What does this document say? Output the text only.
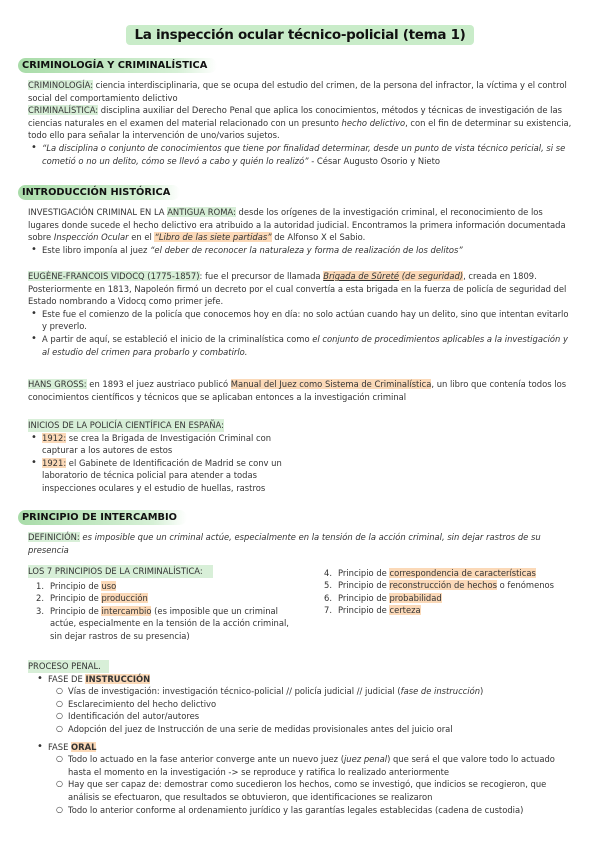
La inspección ocular técnico-policial (tema 1)
CRIMINOLOGÍA Y CRIMINALÍSTICA
CRIMINOLOGÍA: ciencia interdisciplinaria, que se ocupa del estudio del crimen, de la persona del infractor, la víctima y el control social del comportamiento delictivo
CRIMINALÍSTICA: disciplina auxiliar del Derecho Penal que aplica los conocimientos, métodos y técnicas de investigación de las ciencias naturales en el examen del material relacionado con un presunto hecho delictivo, con el fin de determinar su existencia, todo ello para señalar la intervención de uno/varios sujetos.
• “La disciplina o conjunto de conocimientos que tiene por finalidad determinar, desde un punto de vista técnico pericial, si se cometió o no un delito, cómo se llevó a cabo y quién lo realizó” - César Augusto Osorio y Nieto
INTRODUCCIÓN HISTÓRICA
INVESTIGACIÓN CRIMINAL EN LA ANTIGUA ROMA: desde los orígenes de la investigación criminal, el reconocimiento de los lugares donde sucede el hecho delictivo era atribuido a la autoridad judicial. Encontramos la primera información documentada sobre Inspección Ocular en el “Libro de las siete partidas” de Alfonso X el Sabio.
• Este libro imponía al juez “el deber de reconocer la naturaleza y forma de realización de los delitos”
EUGÈNE-FRANCOIS VIDOCQ (1775-1857): fue el precursor de llamada Brigada de Sûreté (de seguridad), creada en 1809. Posteriormente en 1813, Napoleón firmó un decreto por el cual convertía a esta brigada en la fuerza de policía de seguridad del Estado nombrando a Vidocq como primer jefe.
• Este fue el comienzo de la policía que conocemos hoy en día: no solo actúan cuando hay un delito, sino que intentan evitarlo y preverlo.
• A partir de aquí, se estableció el inicio de la criminalística como el conjunto de procedimientos aplicables a la investigación y al estudio del crimen para probarlo y combatirlo.
HANS GROSS: en 1893 el juez austriaco publicó Manual del Juez como Sistema de Criminalística, un libro que contenía todos los conocimientos científicos y técnicos que se aplicaban entonces a la investigación criminal
INICIOS DE LA POLICÍA CIENTÍFICA EN ESPAÑA:
• 1912: se crea la Brigada de Investigación Criminal con capturar a los autores de estos
• 1921: el Gabinete de Identificación de Madrid se conv un laboratorio de técnica policial para atender a todas inspecciones oculares y el estudio de huellas, rastros
PRINCIPIO DE INTERCAMBIO
DEFINICIÓN: es imposible que un criminal actúe, especialmente en la tensión de la acción criminal, sin dejar rastros de su presencia
LOS 7 PRINCIPIOS DE LA CRIMINALÍSTICA:
1. Principio de uso
2. Principio de producción
3. Principio de intercambio (es imposible que un criminal actúe, especialmente en la tensión de la acción criminal, sin dejar rastros de su presencia)
4. Principio de correspondencia de características
5. Principio de reconstrucción de hechos o fenómenos
6. Principio de probabilidad
7. Principio de certeza
PROCESO PENAL.
• FASE DE INSTRUCCIÓN
○ Vías de investigación: investigación técnico-policial // policía judicial // judicial (fase de instrucción)
○ Esclarecimiento del hecho delictivo
○ Identificación del autor/autores
○ Adopción del juez de Instrucción de una serie de medidas provisionales antes del juicio oral
• FASE ORAL
○ Todo lo actuado en la fase anterior converge ante un nuevo juez (juez penal) que será el que valore todo lo actuado hasta el momento en la investigación -> se reproduce y ratifica lo realizado anteriormente
○ Hay que ser capaz de: demostrar como sucedieron los hechos, como se investigó, que indicios se recogieron, que análisis se efectuaron, que resultados se obtuvieron, que identificaciones se realizaron
○ Todo lo anterior conforme al ordenamiento jurídico y las garantías legales establecidas (cadena de custodia)
